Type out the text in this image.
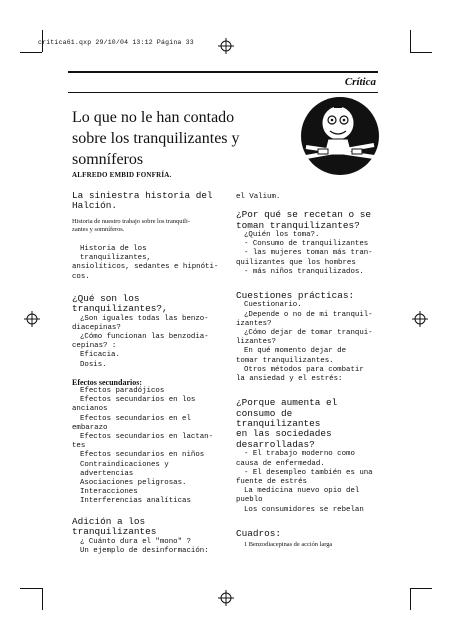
crítica61.qxp 29/10/04 13:12 Página 33
Crítica
Lo que no le han contado
sobre los tranquilizantes y
somníferos
ALFREDO EMBID FONFRÍA.
La siniestra historia del
Halción.
Historia de nuestro trabajo sobre los tranquili-
zantes y somníferos.
Historia de los tranquilizantes,
ansiolíticos, sedantes e hipnóti-
cos.
¿Qué son los
tranquilizantes?,
¿Son iguales todas las benzo-
diacepinas?
¿Cómo funcionan las benzodia-
cepinas? :
Eficacia.
Dosis.
Efectos secundarios:
Efectos paradójicos
Efectos secundarios en los
ancianos
Efectos secundarios en el
embarazo
Efectos secundarios en lactan-
tes
Efectos secundarios en niños
Contraindicaciones y advertencias
Asociaciones peligrosas.
Interacciones
Interferencias analíticas
Adición a los
tranquilizantes
¿ Cuánto dura el "mono" ?
Un ejemplo de desinformación:
el Valium.
¿Por qué se recetan o se
toman tranquilizantes?
¿Quién los toma?.
- Consumo de tranquilizantes
- las mujeres toman más tran-
quilizantes que los hombres
- más niños tranquilizados.
Cuestiones prácticas:
Cuestionario.
¿Depende o no de mi tranquil-
izantes?
¿Cómo dejar de tomar tranqui-
lizantes?
En qué momento dejar de
tomar tranquilizantes.
Otros métodos para combatir
la ansiedad y el estrés:
¿Porque aumenta el
consumo de tranquilizantes
en las sociedades
desarrolladas?
- El trabajo moderno como
causa de enfermedad.
- El desempleo también es una
fuente de estrés
La medicina nuevo opio del
pueblo
Los consumidores se rebelan
Cuadros:
1 Benzodiacepinas de acción larga
